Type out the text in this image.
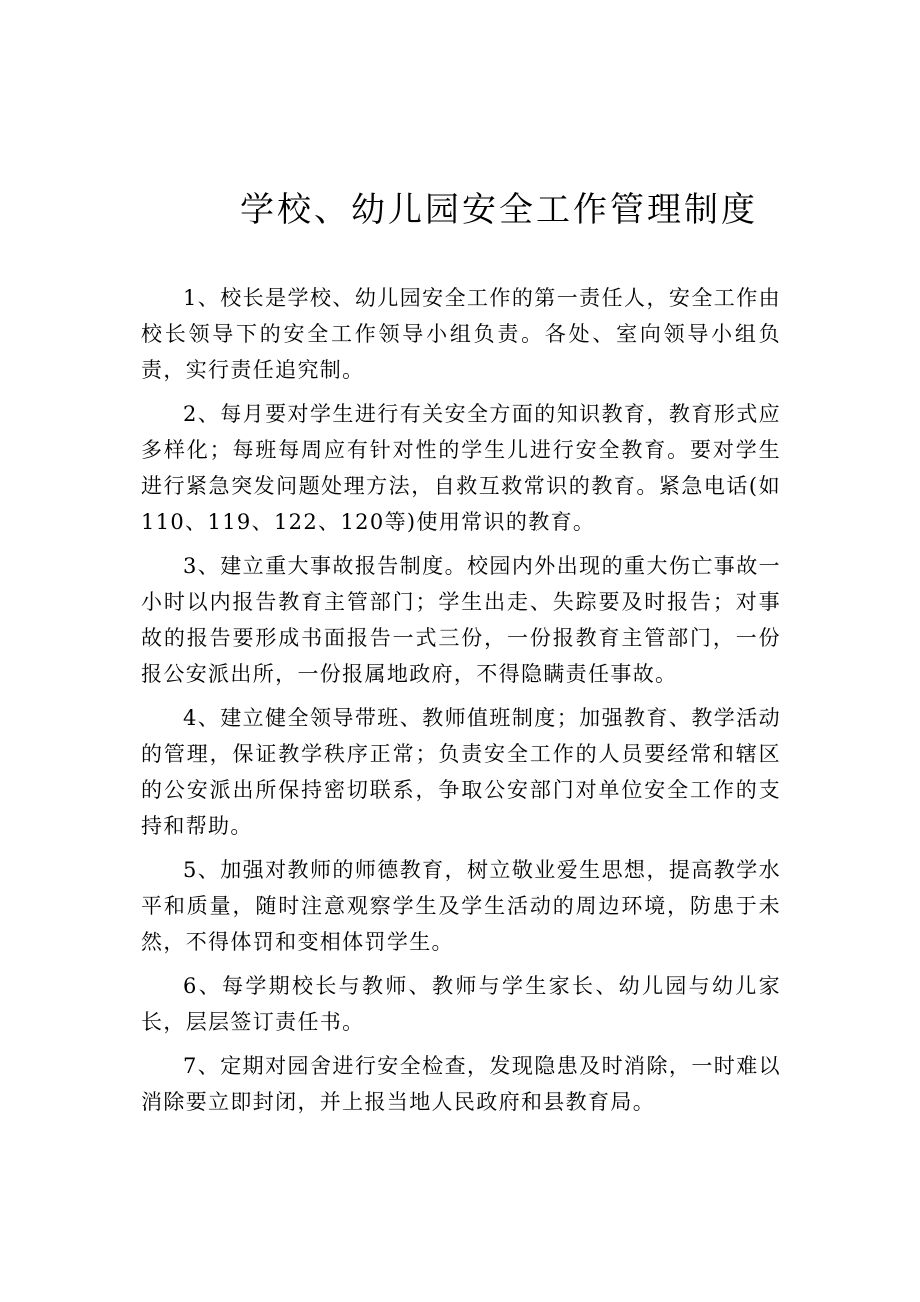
学校、幼儿园安全工作管理制度

1、校长是学校、幼儿园安全工作的第一责任人，安全工作由校长领导下的安全工作领导小组负责。各处、室向领导小组负责，实行责任追究制。

2、每月要对学生进行有关安全方面的知识教育，教育形式应多样化；每班每周应有针对性的学生儿进行安全教育。要对学生进行紧急突发问题处理方法，自救互救常识的教育。紧急电话(如110、119、122、120等)使用常识的教育。

3、建立重大事故报告制度。校园内外出现的重大伤亡事故一小时以内报告教育主管部门；学生出走、失踪要及时报告；对事故的报告要形成书面报告一式三份，一份报教育主管部门，一份报公安派出所，一份报属地政府，不得隐瞒责任事故。

4、建立健全领导带班、教师值班制度；加强教育、教学活动的管理，保证教学秩序正常；负责安全工作的人员要经常和辖区的公安派出所保持密切联系，争取公安部门对单位安全工作的支持和帮助。

5、加强对教师的师德教育，树立敬业爱生思想，提高教学水平和质量，随时注意观察学生及学生活动的周边环境，防患于未然，不得体罚和变相体罚学生。

6、每学期校长与教师、教师与学生家长、幼儿园与幼儿家长，层层签订责任书。

7、定期对园舍进行安全检查，发现隐患及时消除，一时难以消除要立即封闭，并上报当地人民政府和县教育局。
